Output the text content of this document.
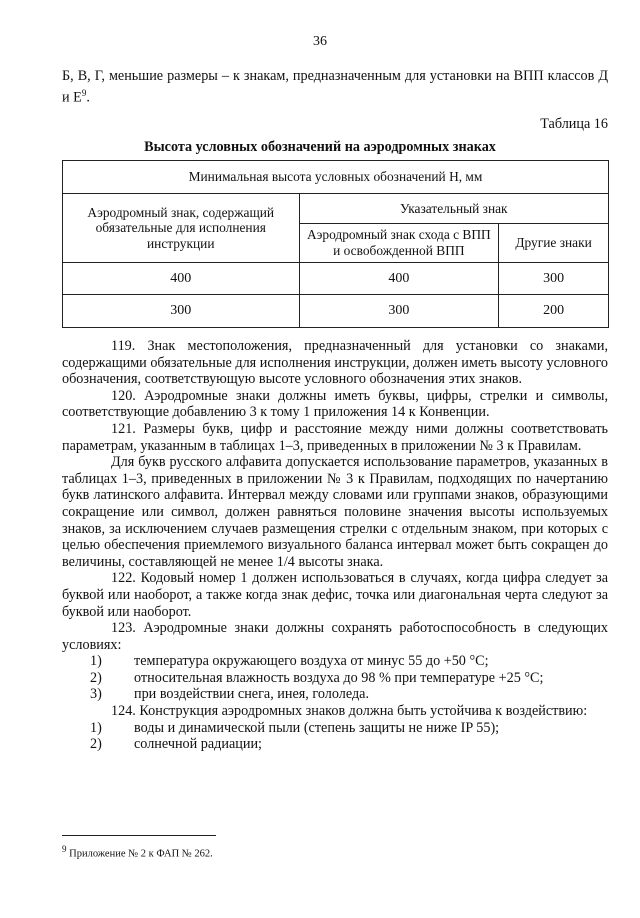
36
Б, В, Г, меньшие размеры – к знакам, предназначенным для установки на ВПП классов Д и $Е^9$.
Таблица 16
Высота условных обозначений на аэродромных знаках
Минимальная высота условных обозначений H, мм		
Аэродромный знак, содержащий обязательные для исполнения инструкции	Указательный знак	
	Аэродромный знак схода с ВПП и освобожденной ВПП	Другие знаки
400	400	300
300	300	200

119. Знак местоположения, предназначенный для установки со знаками, содержащими обязательные для исполнения инструкции, должен иметь высоту условного обозначения, соответствующую высоте условного обозначения этих знаков.

120. Аэродромные знаки должны иметь буквы, цифры, стрелки и символы, соответствующие добавлению 3 к тому 1 приложения 14 к Конвенции.

121. Размеры букв, цифр и расстояние между ними должны соответствовать параметрам, указанным в таблицах 1–3, приведенных в приложении № 3 к Правилам.

Для букв русского алфавита допускается использование параметров, указанных в таблицах 1–3, приведенных в приложении № 3 к Правилам, подходящих по начертанию букв латинского алфавита. Интервал между словами или группами знаков, образующими сокращение или символ, должен равняться половине значения высоты используемых знаков, за исключением случаев размещения стрелки с отдельным знаком, при которых с целью обеспечения приемлемого визуального баланса интервал может быть сокращен до величины, составляющей не менее 1/4 высоты знака.

122. Кодовый номер 1 должен использоваться в случаях, когда цифра следует за буквой или наоборот, а также когда знак дефис, точка или диагональная черта следуют за буквой или наоборот.

123. Аэродромные знаки должны сохранять работоспособность в следующих условиях:

1) температура окружающего воздуха от минус 55 до +50 °С;
2) относительная влажность воздуха до 98 % при температуре +25 °С;
3) при воздействии снега, инея, гололеда.

124. Конструкция аэродромных знаков должна быть устойчива к воздействию:

1) воды и динамической пыли (степень защиты не ниже IP 55);
2) солнечной радиации;
$^9$ Приложение № 2 к ФАП № 262.
